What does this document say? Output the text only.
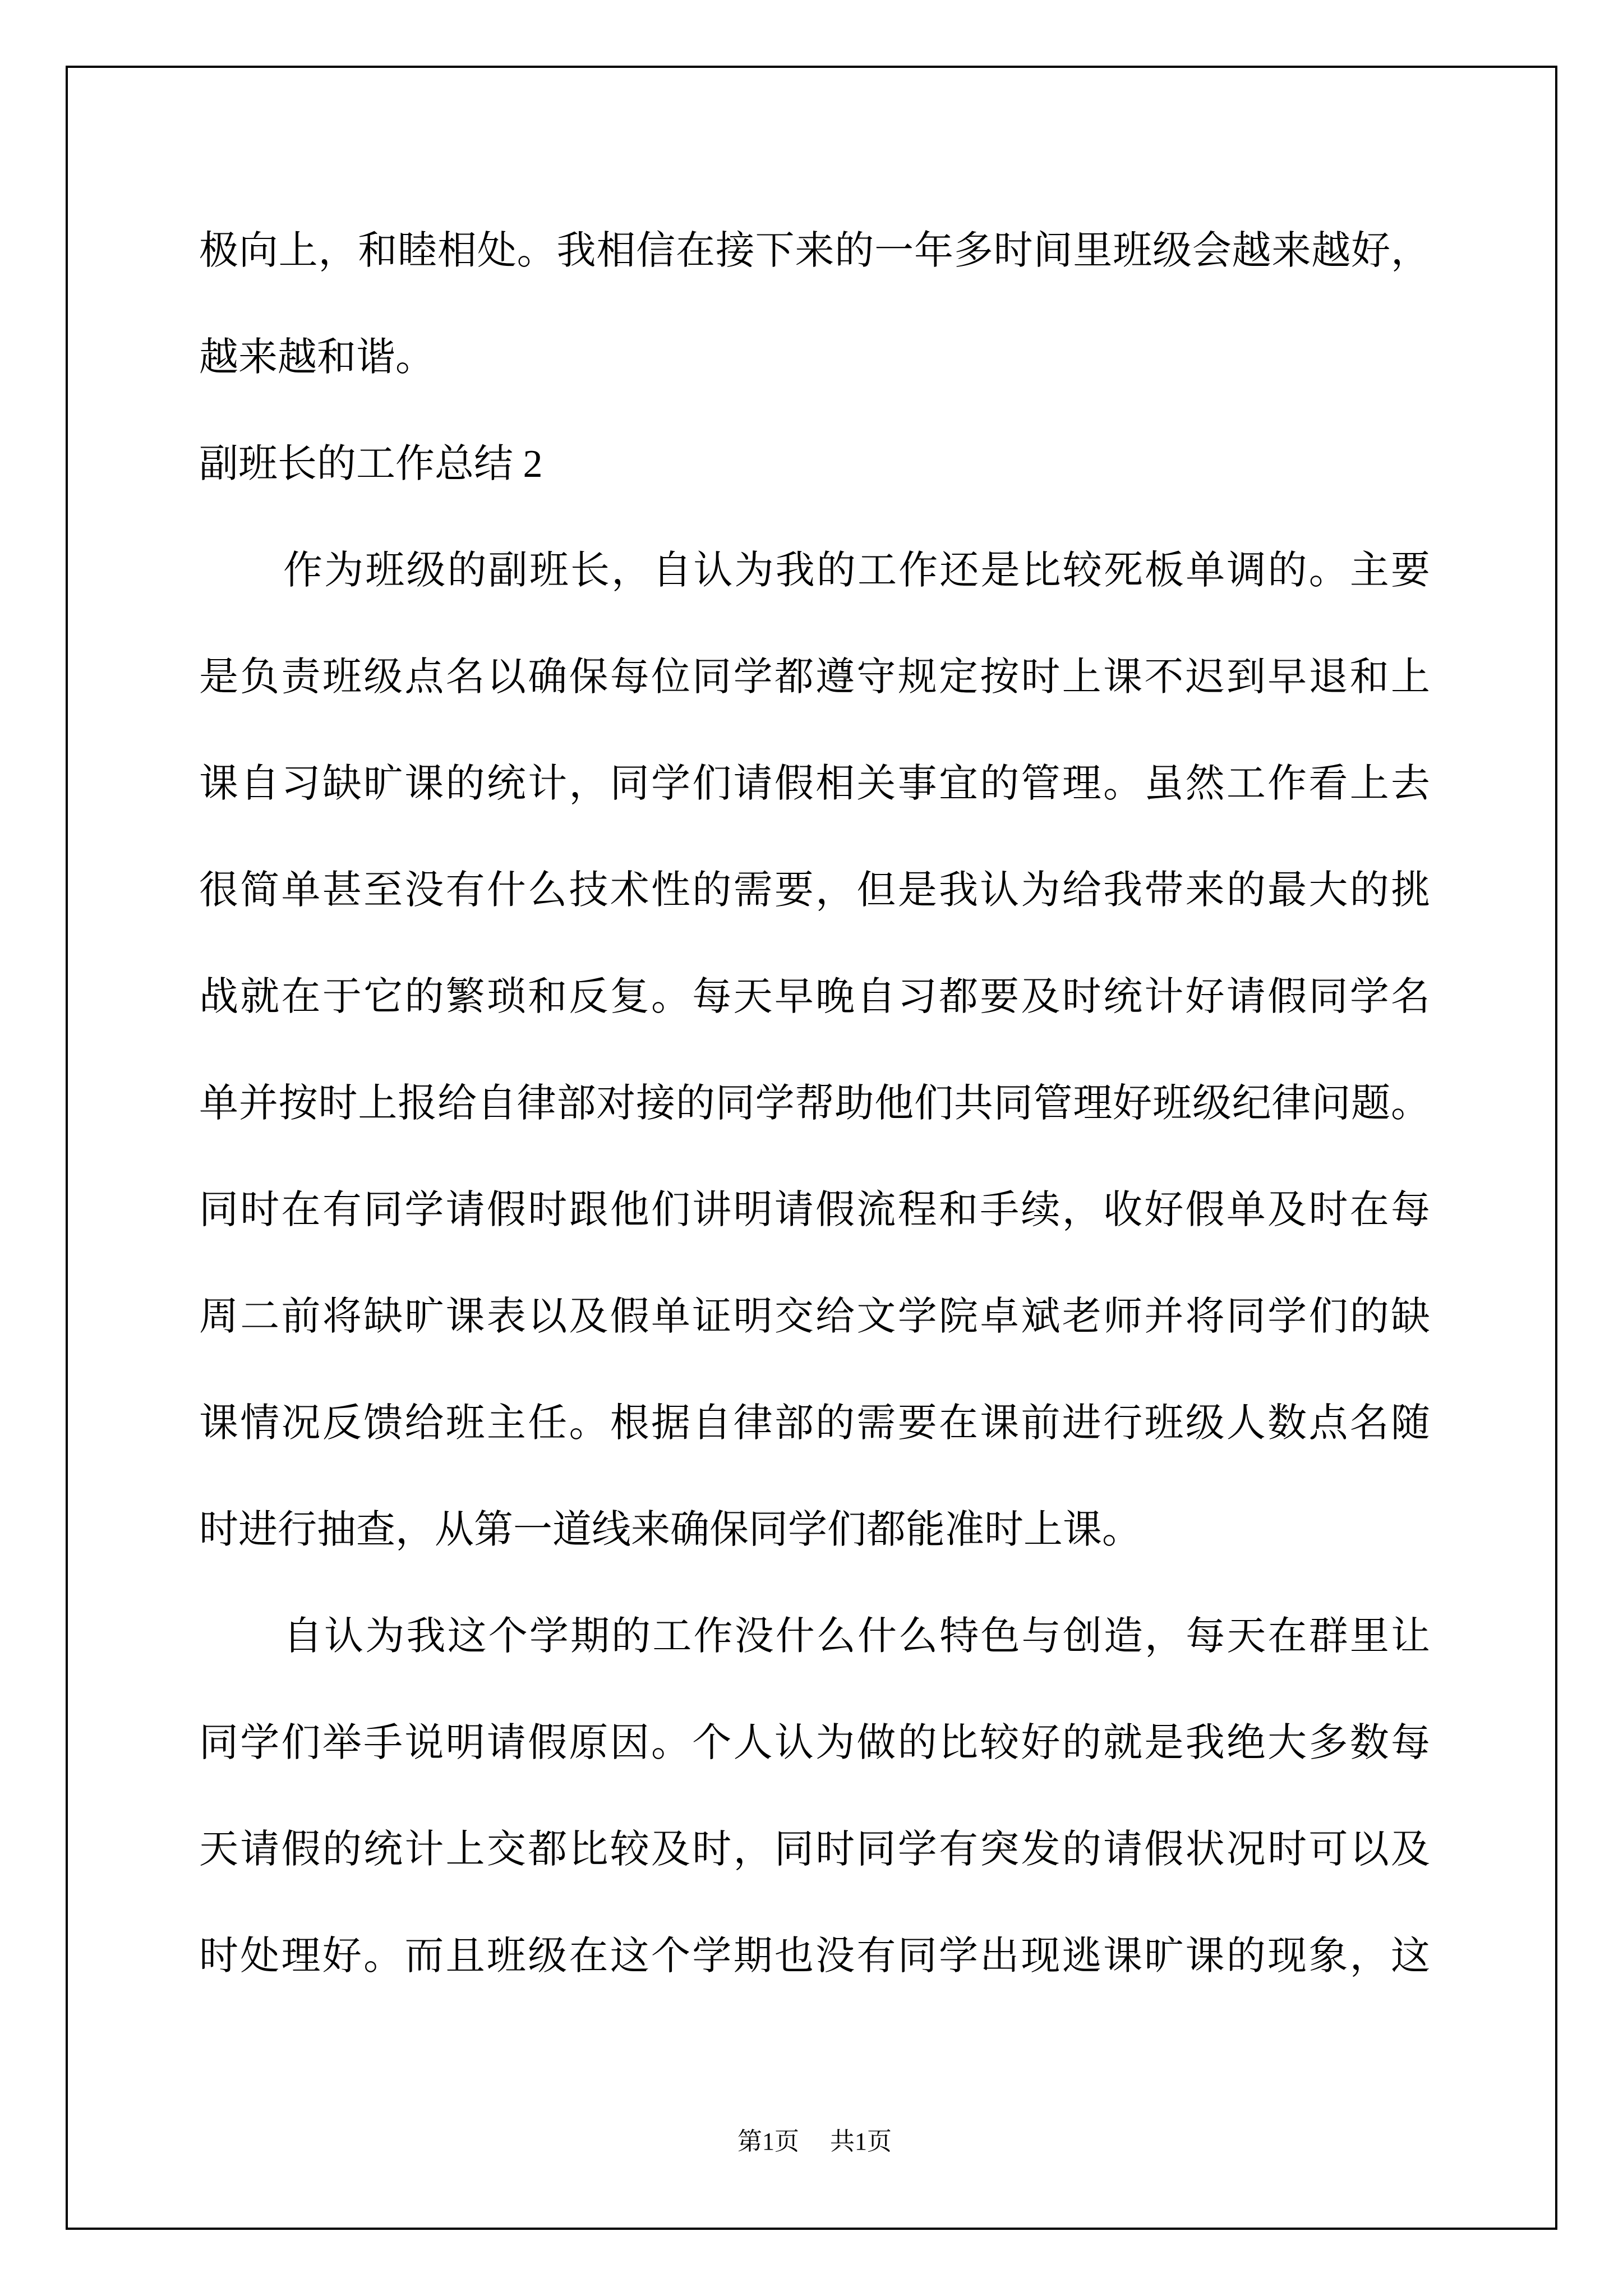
极向上，和睦相处。我相信在接下来的一年多时间里班级会越来越好，
越来越和谐。
副班长的工作总结 2
作为班级的副班长，自认为我的工作还是比较死板单调的。主要
是负责班级点名以确保每位同学都遵守规定按时上课不迟到早退和上
课自习缺旷课的统计，同学们请假相关事宜的管理。虽然工作看上去
很简单甚至没有什么技术性的需要，但是我认为给我带来的最大的挑
战就在于它的繁琐和反复。每天早晚自习都要及时统计好请假同学名
单并按时上报给自律部对接的同学帮助他们共同管理好班级纪律问题。
同时在有同学请假时跟他们讲明请假流程和手续，收好假单及时在每
周二前将缺旷课表以及假单证明交给文学院卓斌老师并将同学们的缺
课情况反馈给班主任。根据自律部的需要在课前进行班级人数点名随
时进行抽查，从第一道线来确保同学们都能准时上课。
自认为我这个学期的工作没什么什么特色与创造，每天在群里让
同学们举手说明请假原因。个人认为做的比较好的就是我绝大多数每
天请假的统计上交都比较及时，同时同学有突发的请假状况时可以及
时处理好。而且班级在这个学期也没有同学出现逃课旷课的现象，这
第1页 共1页
